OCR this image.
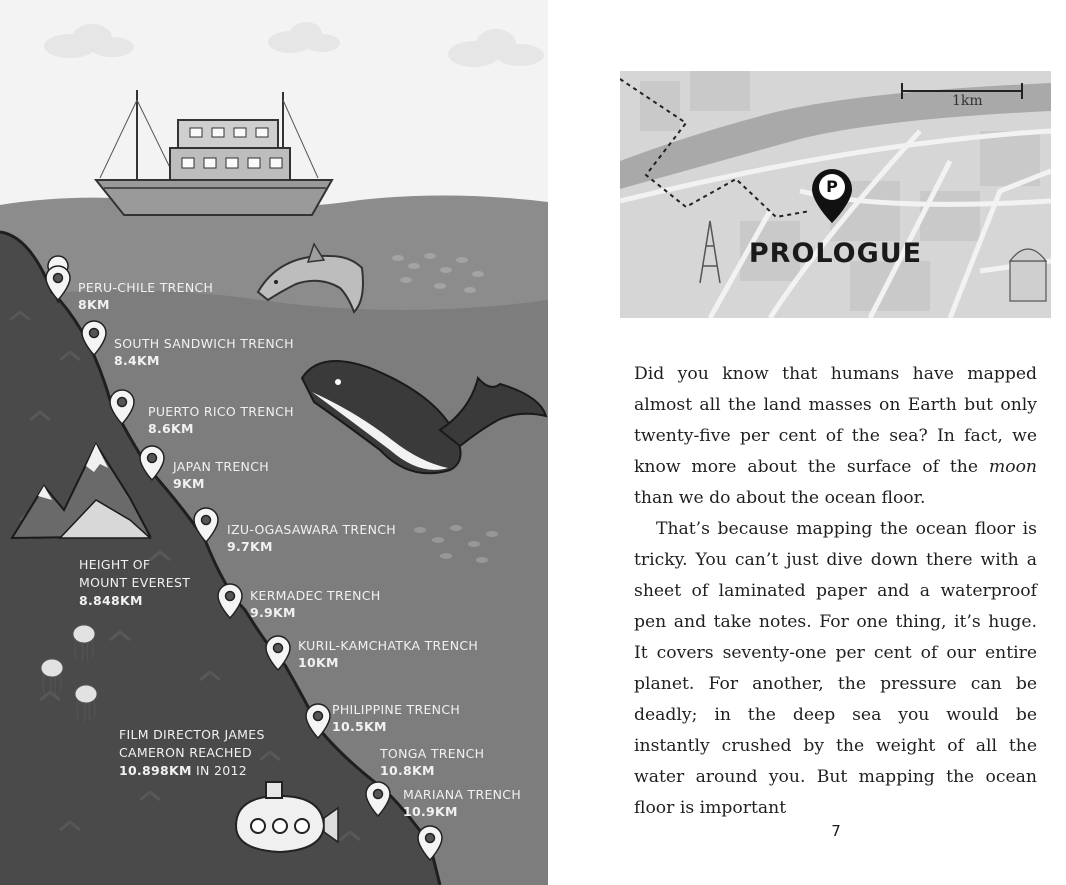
PERU-CHILE TRENCH
8KM
SOUTH SANDWICH TRENCH
8.4KM
PUERTO RICO TRENCH
8.6KM
JAPAN TRENCH
9KM
IZU-OGASAWARA TRENCH
9.7KM
KERMADEC TRENCH
9.9KM
KURIL-KAMCHATKA TRENCH
10KM
PHILIPPINE TRENCH
10.5KM
TONGA TRENCH
10.8KM
MARIANA TRENCH
10.9KM
HEIGHT OF
MOUNT EVEREST
8.848KM
FILM DIRECTOR JAMES
CAMERON REACHED
10.898KM IN 2012
P
1km
PROLOGUE

Did you know that humans have mapped almost all the land masses on Earth but only twenty-five per cent of the sea? In fact, we know more about the surface of the moon than we do about the ocean floor.

That’s because mapping the ocean floor is tricky. You can’t just dive down there with a sheet of laminated paper and a waterproof pen and take notes. For one thing, it’s huge. It covers seventy-one per cent of our entire planet. For another, the pressure can be deadly; in the deep sea you would be instantly crushed by the weight of all the water around you. But mapping the ocean floor is important

7
